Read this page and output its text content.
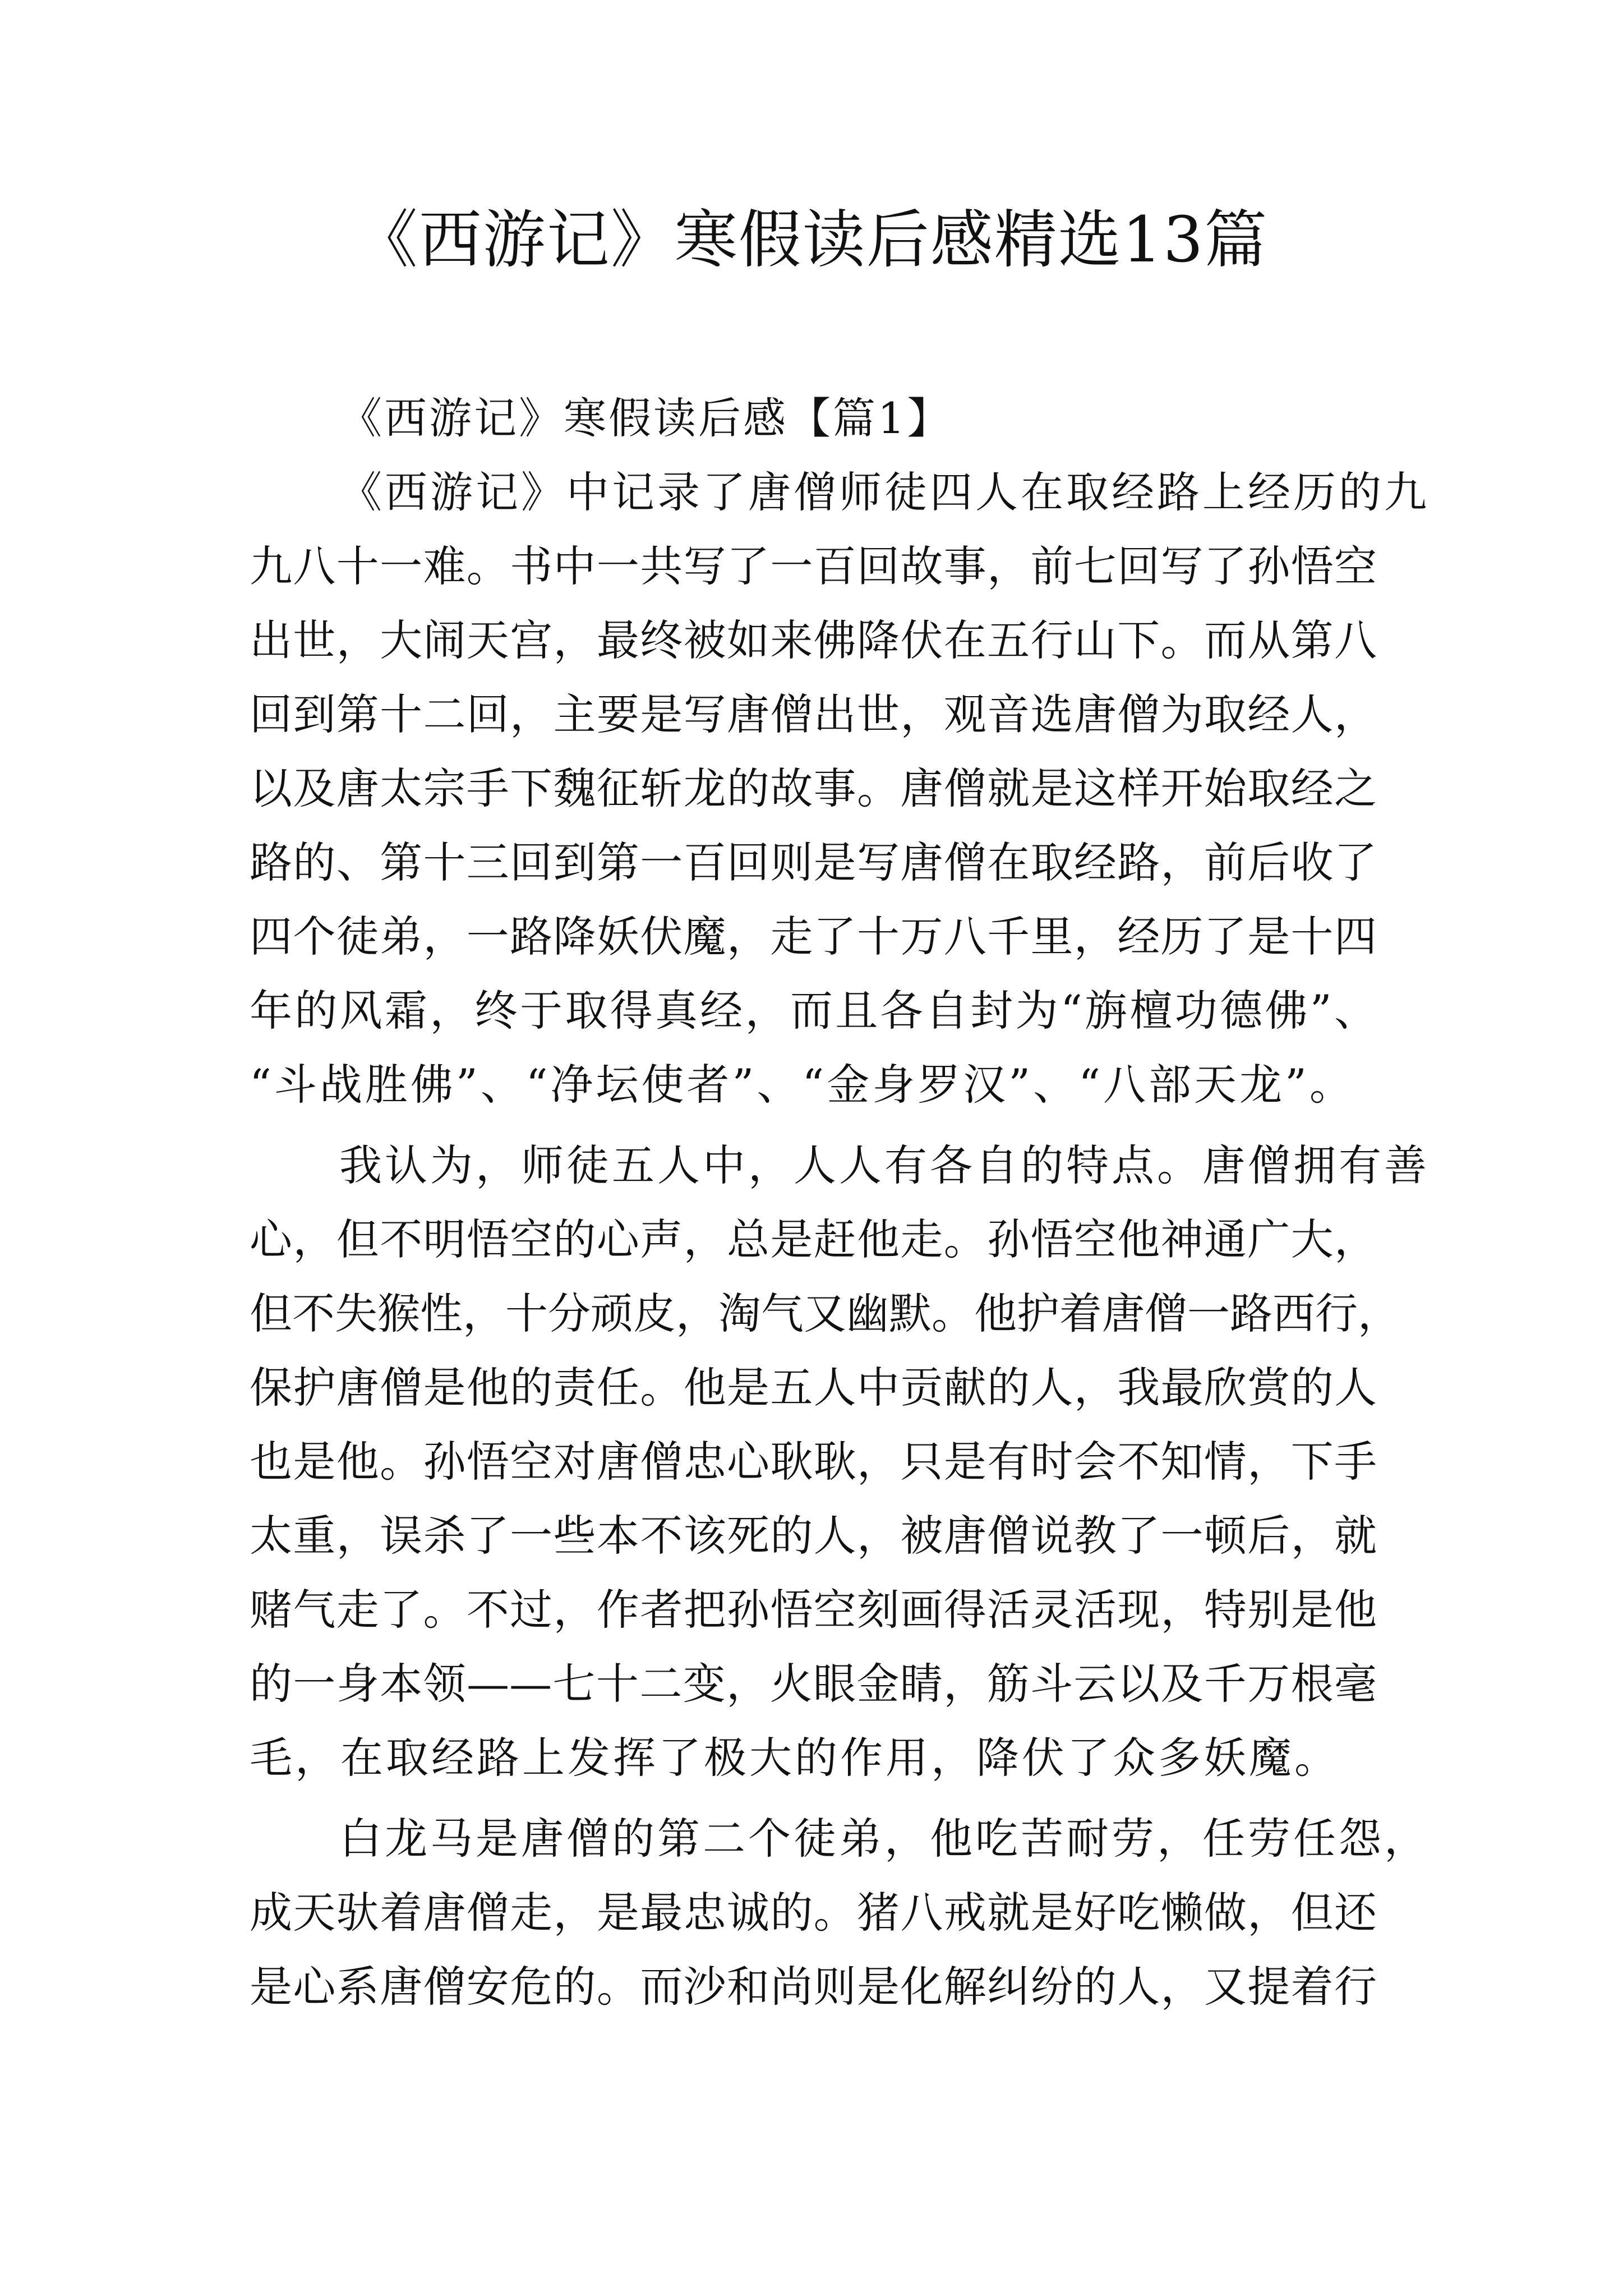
《西游记》寒假读后感精选13篇
《西游记》寒假读后感【篇1】
《西游记》中记录了唐僧师徒四人在取经路上经历的九
九八十一难。书中一共写了一百回故事，前七回写了孙悟空
出世，大闹天宫，最终被如来佛降伏在五行山下。而从第八
回到第十二回，主要是写唐僧出世，观音选唐僧为取经人，
以及唐太宗手下魏征斩龙的故事。唐僧就是这样开始取经之
路的、第十三回到第一百回则是写唐僧在取经路，前后收了
四个徒弟，一路降妖伏魔，走了十万八千里，经历了是十四
年的风霜，终于取得真经，而且各自封为“旃檀功德佛”、
“斗战胜佛”、“净坛使者”、“金身罗汉”、“八部天龙”。
我认为，师徒五人中，人人有各自的特点。唐僧拥有善
心，但不明悟空的心声，总是赶他走。孙悟空他神通广大，
但不失猴性，十分顽皮，淘气又幽默。他护着唐僧一路西行，
保护唐僧是他的责任。他是五人中贡献的人，我最欣赏的人
也是他。孙悟空对唐僧忠心耿耿，只是有时会不知情，下手
太重，误杀了一些本不该死的人，被唐僧说教了一顿后，就
赌气走了。不过，作者把孙悟空刻画得活灵活现，特别是他
的一身本领——七十二变，火眼金睛，筋斗云以及千万根毫
毛，在取经路上发挥了极大的作用，降伏了众多妖魔。
白龙马是唐僧的第二个徒弟，他吃苦耐劳，任劳任怨，
成天驮着唐僧走，是最忠诚的。猪八戒就是好吃懒做，但还
是心系唐僧安危的。而沙和尚则是化解纠纷的人，又提着行
